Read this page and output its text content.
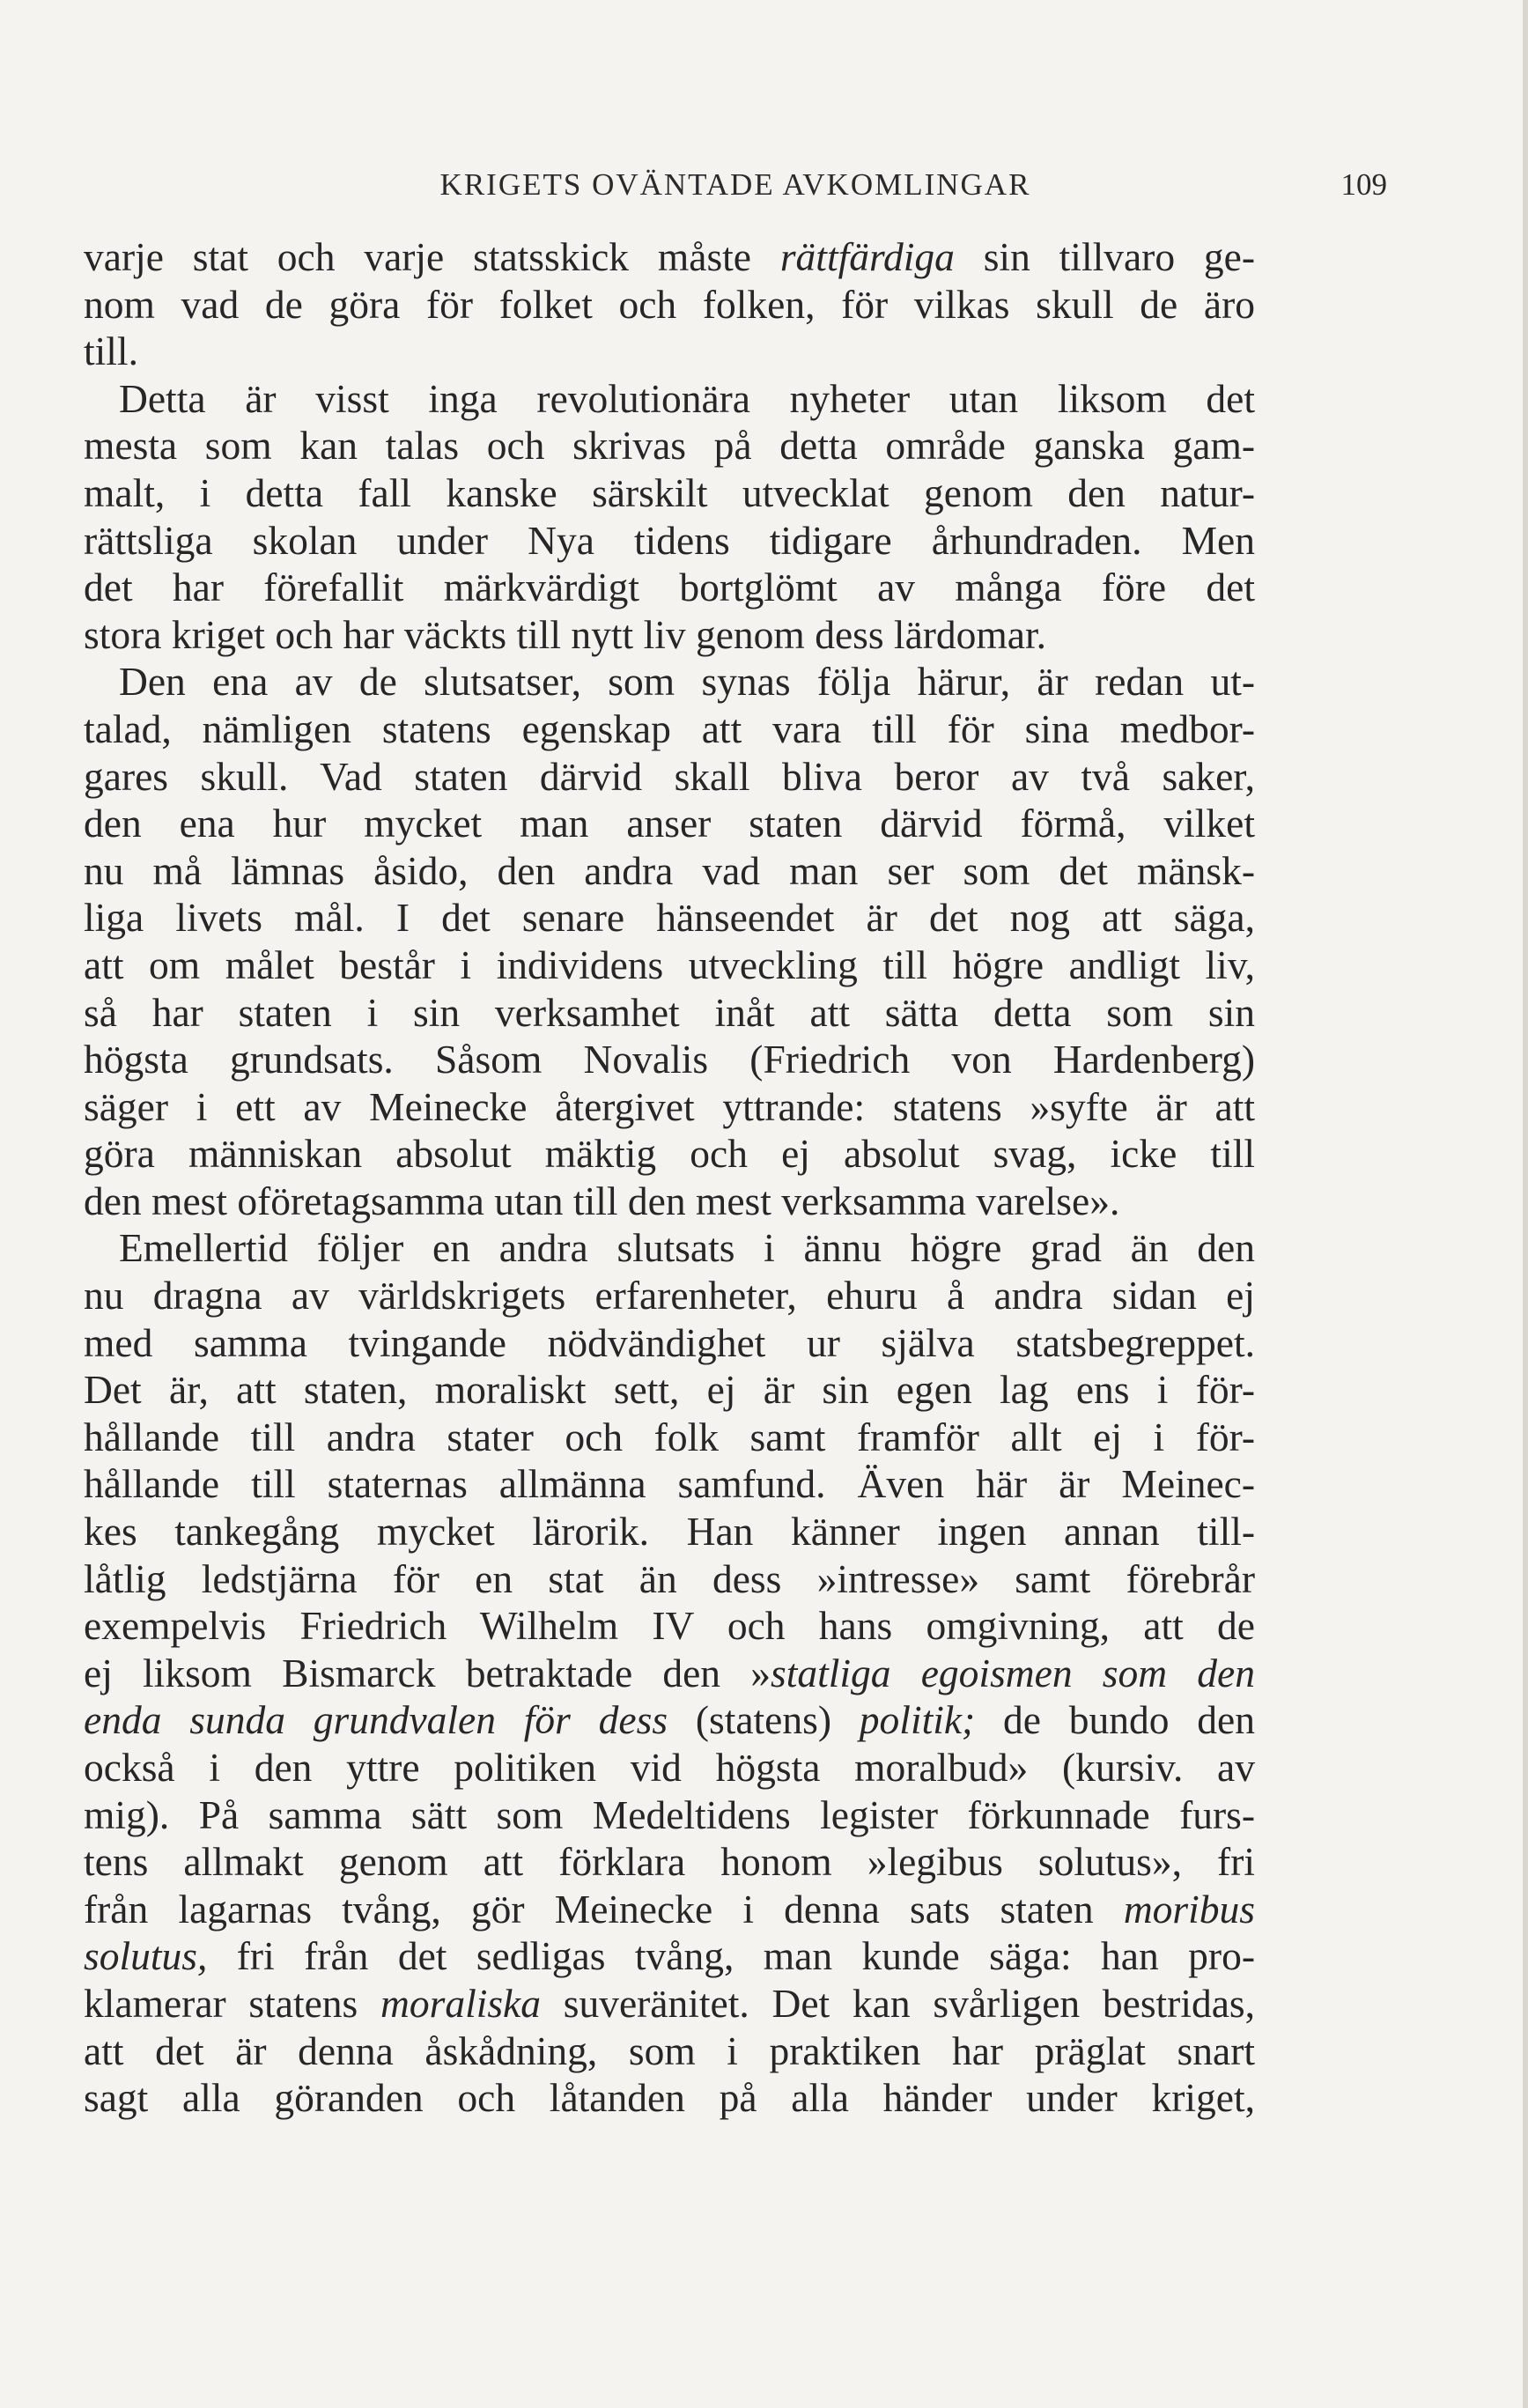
KRIGETS OVÄNTADE AVKOMLINGAR	109
varje stat och varje statsskick måste rättfärdiga sin tillvaro ge-
nom vad de göra för folket och folken, för vilkas skull de äro
till.
Detta är visst inga revolutionära nyheter utan liksom det
mesta som kan talas och skrivas på detta område ganska gam-
malt, i detta fall kanske särskilt utvecklat genom den natur-
rättsliga skolan under Nya tidens tidigare århundraden. Men
det har förefallit märkvärdigt bortglömt av många före det
stora kriget och har väckts till nytt liv genom dess lärdomar.
Den ena av de slutsatser, som synas följa härur, är redan ut-
talad, nämligen statens egenskap att vara till för sina medbor-
gares skull. Vad staten därvid skall bliva beror av två saker,
den ena hur mycket man anser staten därvid förmå, vilket
nu må lämnas åsido, den andra vad man ser som det mänsk-
liga livets mål. I det senare hänseendet är det nog att säga,
att om målet består i individens utveckling till högre andligt liv,
så har staten i sin verksamhet inåt att sätta detta som sin
högsta grundsats. Såsom Novalis (Friedrich von Hardenberg)
säger i ett av Meinecke återgivet yttrande: statens »syfte är att
göra människan absolut mäktig och ej absolut svag, icke till
den mest oföretagsamma utan till den mest verksamma varelse».
Emellertid följer en andra slutsats i ännu högre grad än den
nu dragna av världskrigets erfarenheter, ehuru å andra sidan ej
med samma tvingande nödvändighet ur själva statsbegreppet.
Det är, att staten, moraliskt sett, ej är sin egen lag ens i för-
hållande till andra stater och folk samt framför allt ej i för-
hållande till staternas allmänna samfund. Även här är Meinec-
kes tankegång mycket lärorik. Han känner ingen annan till-
låtlig ledstjärna för en stat än dess »intresse» samt förebrår
exempelvis Friedrich Wilhelm IV och hans omgivning, att de
ej liksom Bismarck betraktade den »statliga egoismen som den
enda sunda grundvalen för dess (statens) politik; de bundo den
också i den yttre politiken vid högsta moralbud» (kursiv. av
mig). På samma sätt som Medeltidens legister förkunnade furs-
tens allmakt genom att förklara honom »legibus solutus», fri
från lagarnas tvång, gör Meinecke i denna sats staten moribus
solutus, fri från det sedligas tvång, man kunde säga: han pro-
klamerar statens moraliska suveränitet. Det kan svårligen bestridas,
att det är denna åskådning, som i praktiken har präglat snart
sagt alla göranden och låtanden på alla händer under kriget,
